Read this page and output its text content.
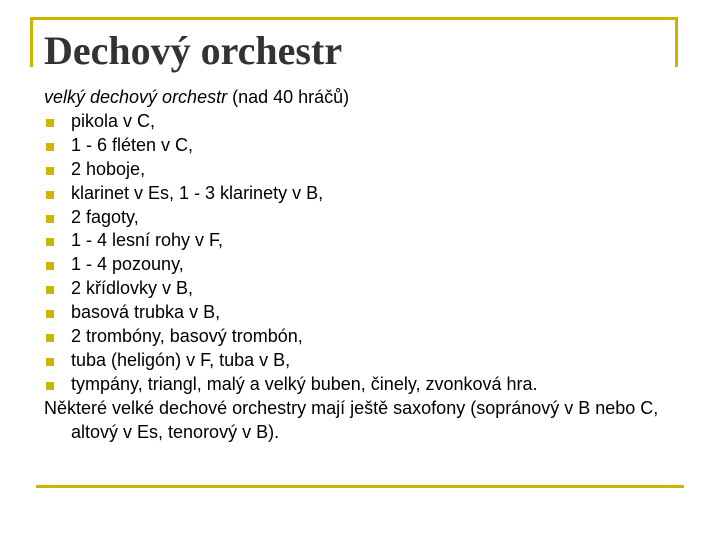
Dechový orchestr
velký dechový orchestr (nad 40 hráčů)
pikola v C,
1 - 6 fléten v C,
2 hoboje,
klarinet v Es, 1 - 3 klarinety v B,
2 fagoty,
1 - 4 lesní rohy v F,
1 - 4 pozouny,
2 křídlovky v B,
basová trubka v B,
2 trombóny, basový trombón,
tuba (heligón) v F, tuba v B,
tympány, triangl, malý a velký buben, činely, zvonková hra.
Některé velké dechové orchestry mají ještě saxofony (sopránový v B nebo C, altový v Es, tenorový v B).
